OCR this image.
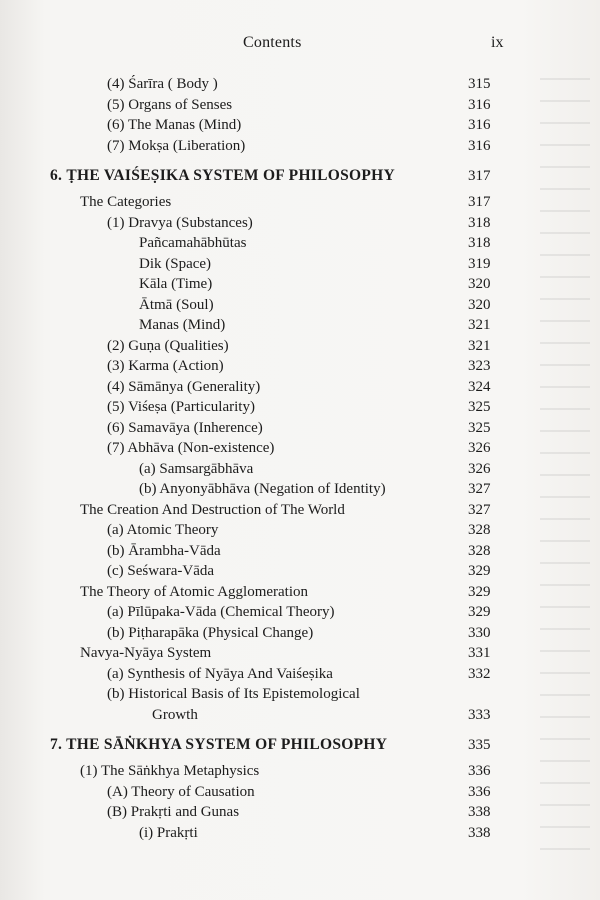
Contents	ix
(4) Śarīra ( Body )	315
(5) Organs of Senses	316
(6) The Manas (Mind)	316
(7) Mokṣa (Liberation)	316
6. ṬHE VAIŚEṢIKA SYSTEM OF PHILOSOPHY	317
The Categories	317
(1) Dravya (Substances)	318
Pañcamahābhūtas	318
Dik (Space)	319
Kāla (Time)	320
Ātmā (Soul)	320
Manas (Mind)	321
(2) Guṇa (Qualities)	321
(3) Karma (Action)	323
(4) Sāmānya (Generality)	324
(5) Viśeṣa (Particularity)	325
(6) Samavāya (Inherence)	325
(7) Abhāva (Non-existence)	326
(a) Samsargābhāva	326
(b) Anyonyābhāva (Negation of Identity)	327
The Creation And Destruction of The World	327
(a) Atomic Theory	328
(b) Ārambha-Vāda	328
(c) Seśwara-Vāda	329
The Theory of Atomic Agglomeration	329
(a) Pīlūpaka-Vāda (Chemical Theory)	329
(b) Piṭharapāka (Physical Change)	330
Navya-Nyāya System	331
(a) Synthesis of Nyāya And Vaiśeṣika	332
(b) Historical Basis of Its Epistemological
Growth	333
7. THE SĀṄKHYA SYSTEM OF PHILOSOPHY	335
(1) The Sāṅkhya Metaphysics	336
(A) Theory of Causation	336
(B) Prakṛti and Gunas	338
(i) Prakṛti	338
